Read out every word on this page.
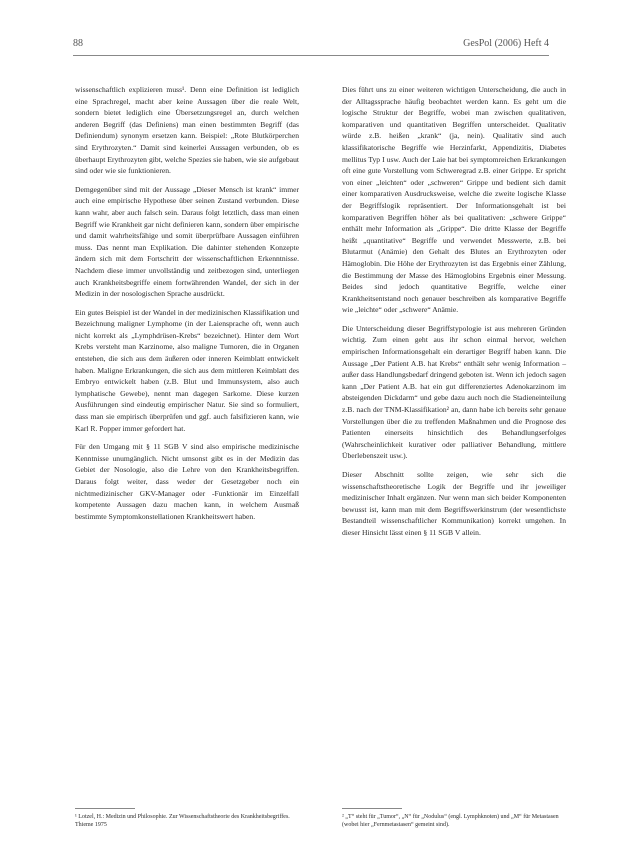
88	GesPol (2006) Heft 4

wissenschaftlich explizieren muss¹. Denn eine Definition ist lediglich eine Sprachregel, macht aber keine Aussagen über die reale Welt, sondern bietet lediglich eine Übersetzungsregel an, durch welchen anderen Begriff (das Definiens) man einen bestimmten Begriff (das Definiendum) synonym ersetzen kann. Beispiel: „Rote Blutkörperchen sind Erythrozyten.“ Damit sind keinerlei Aussagen verbunden, ob es überhaupt Erythrozyten gibt, welche Spezies sie haben, wie sie aufgebaut sind oder wie sie funktionieren.

Demgegenüber sind mit der Aussage „Dieser Mensch ist krank“ immer auch eine empirische Hypothese über seinen Zustand verbunden. Diese kann wahr, aber auch falsch sein. Daraus folgt letztlich, dass man einen Begriff wie Krankheit gar nicht definieren kann, sondern über empirische und damit wahrheitsfähige und somit überprüfbare Aussagen einführen muss. Das nennt man Explikation. Die dahinter stehenden Konzepte ändern sich mit dem Fortschritt der wissenschaftlichen Erkenntnisse. Nachdem diese immer unvollständig und zeitbezogen sind, unterliegen auch Krankheitsbegriffe einem fortwährenden Wandel, der sich in der Medizin in der nosologischen Sprache ausdrückt.

Ein gutes Beispiel ist der Wandel in der medizinischen Klassifikation und Bezeichnung maligner Lymphome (in der Laiensprache oft, wenn auch nicht korrekt als „Lymphdrüsen-Krebs“ bezeichnet). Hinter dem Wort Krebs versteht man Karzinome, also maligne Tumoren, die in Organen entstehen, die sich aus dem äußeren oder inneren Keimblatt entwickelt haben. Maligne Erkrankungen, die sich aus dem mittleren Keimblatt des Embryo entwickelt haben (z.B. Blut und Immunsystem, also auch lymphatische Gewebe), nennt man dagegen Sarkome. Diese kurzen Ausführungen sind eindeutig empirischer Natur. Sie sind so formuliert, dass man sie empirisch überprüfen und ggf. auch falsifizieren kann, wie Karl R. Popper immer gefordert hat.

Für den Umgang mit § 11 SGB V sind also empirische medizinische Kenntnisse unumgänglich. Nicht umsonst gibt es in der Medizin das Gebiet der Nosologie, also die Lehre von den Krankheitsbegriffen. Daraus folgt weiter, dass weder der Gesetzgeber noch ein nichtmedizinischer GKV-Manager oder -Funktionär im Einzelfall kompetente Aussagen dazu machen kann, in welchem Ausmaß bestimmte Symptomkonstellationen Krankheitswert haben.

Dies führt uns zu einer weiteren wichtigen Unterscheidung, die auch in der Alltagssprache häufig beobachtet werden kann. Es geht um die logische Struktur der Begriffe, wobei man zwischen qualitativen, komparativen und quantitativen Begriffen unterscheidet. Qualitativ würde z.B. heißen „krank“ (ja, nein). Qualitativ sind auch klassifikatorische Begriffe wie Herzinfarkt, Appendizitis, Diabetes mellitus Typ I usw. Auch der Laie hat bei symptomreichen Erkrankungen oft eine gute Vorstellung vom Schweregrad z.B. einer Grippe. Er spricht von einer „leichten“ oder „schweren“ Grippe und bedient sich damit einer komparativen Ausdrucksweise, welche die zweite logische Klasse der Begriffslogik repräsentiert. Der Informationsgehalt ist bei komparativen Begriffen höher als bei qualitativen: „schwere Grippe“ enthält mehr Information als „Grippe“. Die dritte Klasse der Begriffe heißt „quantitative“ Begriffe und verwendet Messwerte, z.B. bei Blutarmut (Anämie) den Gehalt des Blutes an Erythrozyten oder Hämoglobin. Die Höhe der Erythrozyten ist das Ergebnis einer Zählung, die Bestimmung der Masse des Hämoglobins Ergebnis einer Messung. Beides sind jedoch quantitative Begriffe, welche einer Krankheitsentstand noch genauer beschreiben als komparative Begriffe wie „leichte“ oder „schwere“ Anämie.

Die Unterscheidung dieser Begriffstypologie ist aus mehreren Gründen wichtig. Zum einen geht aus ihr schon einmal hervor, welchen empirischen Informationsgehalt ein derartiger Begriff haben kann. Die Aussage „Der Patient A.B. hat Krebs“ enthält sehr wenig Information – außer dass Handlungsbedarf dringend geboten ist. Wenn ich jedoch sagen kann „Der Patient A.B. hat ein gut differenziertes Adenokarzinom im absteigenden Dickdarm“ und gebe dazu auch noch die Stadieneinteilung z.B. nach der TNM-Klassifikation² an, dann habe ich bereits sehr genaue Vorstellungen über die zu treffenden Maßnahmen und die Prognose des Patienten einerseits hinsichtlich des Behandlungserfolges (Wahrscheinlichkeit kurativer oder palliativer Behandlung, mittlere Überlebenszeit usw.).

Dieser Abschnitt sollte zeigen, wie sehr sich die wissenschaftstheoretische Logik der Begriffe und ihr jeweiliger medizinischer Inhalt ergänzen. Nur wenn man sich beider Komponenten bewusst ist, kann man mit dem Begriffswerkinstrum (der wesentlichste Bestandteil wissenschaftlicher Kommunikation) korrekt umgehen. In dieser Hinsicht lässt einen § 11 SGB V allein.

¹ Lotzel, H.: Medizin und Philosophie. Zur Wissenschaftstheorie des Krankheitsbegriffes. Thieme 1975
² „T“ steht für „Tumor“, „N“ für „Nodulus“ (engl. Lymphknoten) und „M“ für Metastasen (wobei hier „Fernmetastasen“ gemeint sind).
